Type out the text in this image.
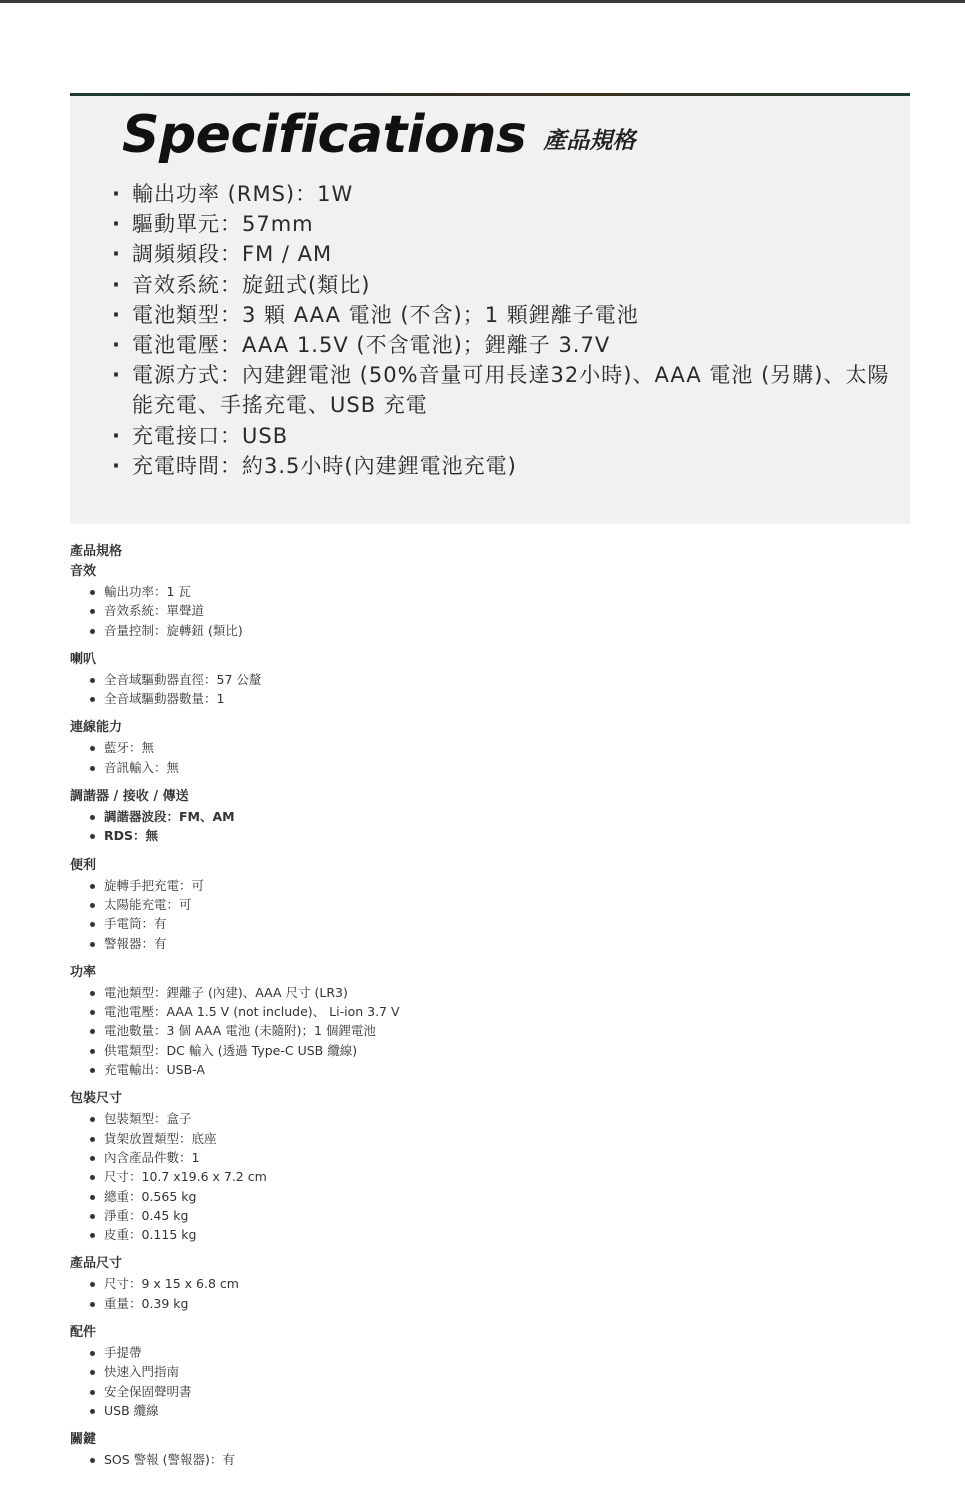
Specifications 產品規格
· 輸出功率 (RMS)：1W
· 驅動單元：57mm
· 調頻頻段：FM / AM
· 音效系統：旋鈕式(類比)
· 電池類型：3 顆 AAA 電池 (不含)；1 顆鋰離子電池
· 電池電壓：AAA 1.5V (不含電池)；鋰離子 3.7V
· 電源方式：內建鋰電池 (50%音量可用長達32小時)、AAA 電池 (另購)、太陽能充電、手搖充電、USB 充電
· 充電接口：USB
· 充電時間：約3.5小時(內建鋰電池充電)
產品規格
音效
輸出功率：1 瓦
音效系統：單聲道
音量控制：旋轉鈕 (類比)
喇叭
全音域驅動器直徑：57 公釐
全音域驅動器數量：1
連線能力
藍牙：無
音訊輸入：無
調諧器 / 接收 / 傳送
調諧器波段：FM、AM
RDS：無
便利
旋轉手把充電：可
太陽能充電：可
手電筒：有
警報器：有
功率
電池類型：鋰離子 (內建)、AAA 尺寸 (LR3)
電池電壓：AAA 1.5 V (not include)、 Li-ion 3.7 V
電池數量：3 個 AAA 電池 (未隨附)；1 個鋰電池
供電類型：DC 輸入 (透過 Type-C USB 纜線)
充電輸出：USB-A
包裝尺寸
包裝類型：盒子
貨架放置類型：底座
內含產品件數：1
尺寸：10.7 x19.6 x 7.2 cm
總重：0.565 kg
淨重：0.45 kg
皮重：0.115 kg
產品尺寸
尺寸：9 x 15 x 6.8 cm
重量：0.39 kg
配件
手提帶
快速入門指南
安全保固聲明書
USB 纜線
關鍵
SOS 警報 (警報器)：有
